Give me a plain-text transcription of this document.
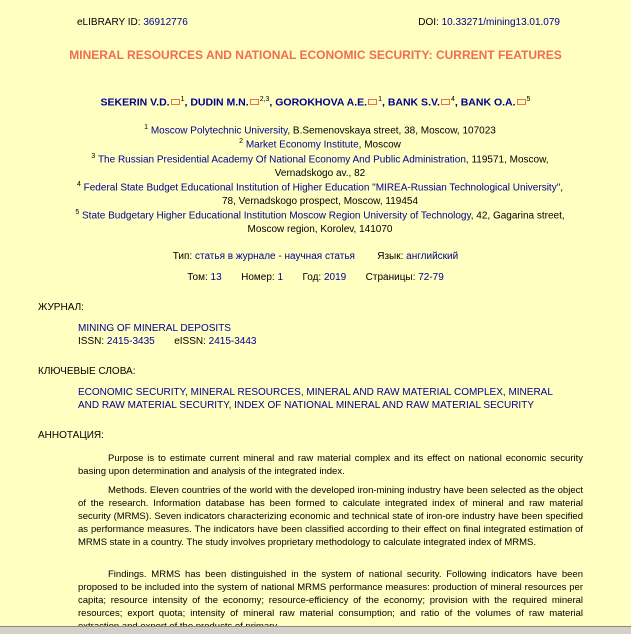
eLIBRARY ID: 36912776	DOI: 10.33271/mining13.01.079
MINERAL RESOURCES AND NATIONAL ECONOMIC SECURITY: CURRENT FEATURES
SEKERIN V.D. $^1$, DUDIN M.N. $^{2,3}$, GOROKHOVA A.E. $^1$, BANK S.V. $^4$, BANK O.A. $^5$
$^1$ Moscow Polytechnic University, B.Semenovskaya street, 38, Moscow, 107023
$^2$ Market Economy Institute, Moscow
$^3$ The Russian Presidential Academy Of National Economy And Public Administration, 119571, Moscow, Vernadskogo av., 82
$^4$ Federal State Budget Educational Institution of Higher Education "MIREA-Russian Technological University", 78, Vernadskogo prospect, Moscow, 119454
$^5$ State Budgetary Higher Educational Institution Moscow Region University of Technology, 42, Gagarina street, Moscow region, Korolev, 141070
Тип: статья в журнале - научная статья Язык: английский
Том: 13 Номер: 1 Год: 2019 Страницы: 72-79
ЖУРНАЛ:
MINING OF MINERAL DEPOSITS
ISSN: 2415-3435 eISSN: 2415-3443
КЛЮЧЕВЫЕ СЛОВА:
ECONOMIC SECURITY, MINERAL RESOURCES, MINERAL AND RAW MATERIAL COMPLEX, MINERAL AND RAW MATERIAL SECURITY, INDEX OF NATIONAL MINERAL AND RAW MATERIAL SECURITY
АННОТАЦИЯ:
Purpose is to estimate current mineral and raw material complex and its effect on national economic security basing upon determination and analysis of the integrated index.
Methods. Eleven countries of the world with the developed iron-mining industry have been selected as the object of the research. Information database has been formed to calculate integrated index of mineral and raw material security (MRMS). Seven indicators characterizing economic and technical state of iron-ore industry have been specified as performance measures. The indicators have been classified according to their effect on final integrated estimation of MRMS state in a country. The study involves proprietary methodology to calculate integrated index of MRMS.
Findings. MRMS has been distinguished in the system of national security. Following indicators have been proposed to be included into the system of national MRMS performance measures: production of mineral resources per capita; resource intensity of the economy; resource-efficiency of the economy; provision with the required mineral resources; export quota; intensity of mineral raw material consumption; and ratio of the volumes of raw material
